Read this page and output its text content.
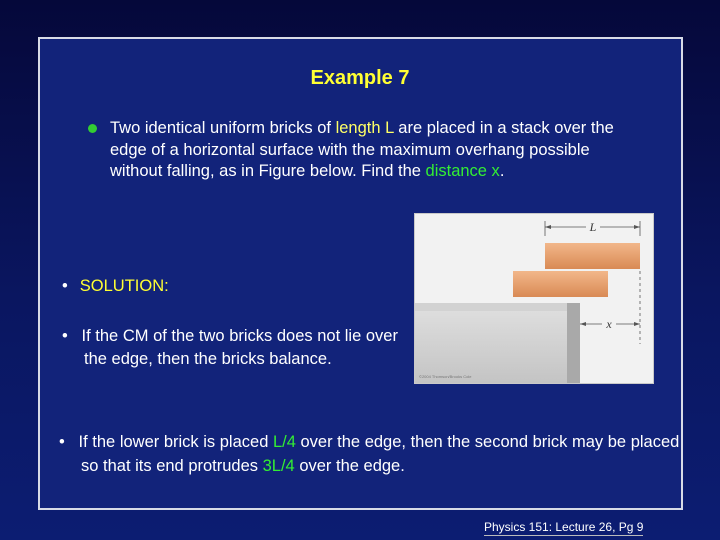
Example 7
Two identical uniform bricks of length L are placed in a stack over the edge of a horizontal surface with the maximum overhang possible without falling, as in Figure below. Find the distance x.
• SOLUTION:
• If the CM of the two bricks does not lie over the edge, then the bricks balance.
• If the lower brick is placed L/4 over the edge, then the second brick may be placed so that its end protrudes 3L/4 over the edge.
L
x
©2004 Thomson/Brooks Cole
Physics 151: Lecture 26, Pg 9
